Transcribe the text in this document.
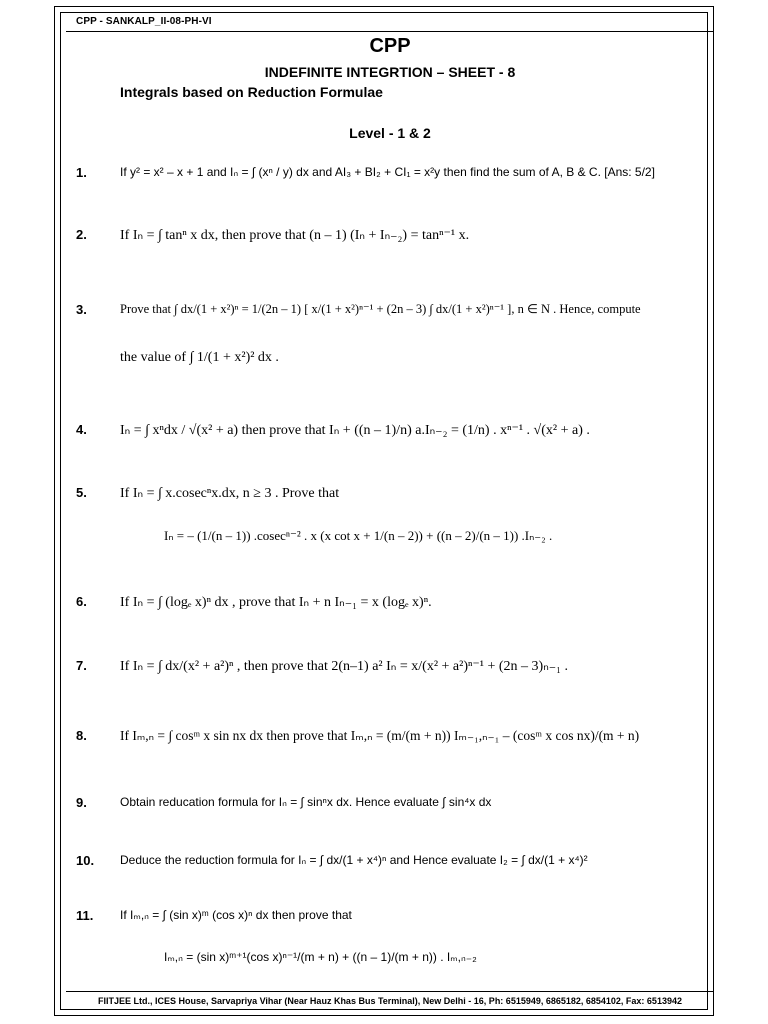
CPP - SANKALP_II-08-PH-VI
CPP
INDEFINITE INTEGRTION – SHEET - 8
Integrals based on Reduction Formulae
Level - 1 & 2
1.	If y² = x² – x + 1 and Iₙ = ∫ (xⁿ / y) dx and AI₃ + BI₂ + CI₁ = x²y then find the sum of A, B & C. [Ans: 5/2]
2. If Iₙ = ∫ tanⁿ x dx, then prove that (n – 1) (Iₙ + Iₙ₋₂) = tanⁿ⁻¹ x.
3.	Prove that ∫ dx/(1 + x²)ⁿ = 1/(2n – 1) [ x/(1 + x²)ⁿ⁻¹ + (2n – 3) ∫ dx/(1 + x²)ⁿ⁻¹ ], n ∈ N . Hence, compute
the value of ∫ 1/(1 + x²)² dx .
4. Iₙ = ∫ xⁿdx / √(x² + a) then prove that Iₙ + ((n – 1)/n) a.Iₙ₋₂ = (1/n) . xⁿ⁻¹ . √(x² + a) .
5. If Iₙ = ∫ x.cosecⁿx.dx, n ≥ 3 . Prove that
Iₙ = – (1/(n – 1)) .cosecⁿ⁻² . x (x cot x + 1/(n – 2)) + ((n – 2)/(n – 1)) .Iₙ₋₂ .
6. If Iₙ = ∫ (logₑ x)ⁿ dx , prove that Iₙ + n Iₙ₋₁ = x (logₑ x)ⁿ.
7. If Iₙ = ∫ dx/(x² + a²)ⁿ , then prove that 2(n–1) a² Iₙ = x/(x² + a²)ⁿ⁻¹ + (2n – 3)ₙ₋₁ .
8. If Iₘ,ₙ = ∫ cosᵐ x sin nx dx then prove that Iₘ,ₙ = (m/(m + n)) Iₘ₋₁,ₙ₋₁ – (cosᵐ x cos nx)/(m + n)
9.	Obtain reducation formula for Iₙ = ∫ sinⁿx dx. Hence evaluate ∫ sin⁴x dx
10. Deduce the reduction formula for Iₙ = ∫ dx/(1 + x⁴)ⁿ and Hence evaluate I₂ = ∫ dx/(1 + x⁴)²
11. If Iₘ,ₙ = ∫ (sin x)ᵐ (cos x)ⁿ dx then prove that
Iₘ,ₙ = (sin x)ᵐ⁺¹(cos x)ⁿ⁻¹/(m + n) + ((n – 1)/(m + n)) . Iₘ,ₙ₋₂
FIITJEE Ltd., ICES House, Sarvapriya Vihar (Near Hauz Khas Bus Terminal), New Delhi - 16, Ph: 6515949, 6865182, 6854102, Fax: 6513942
